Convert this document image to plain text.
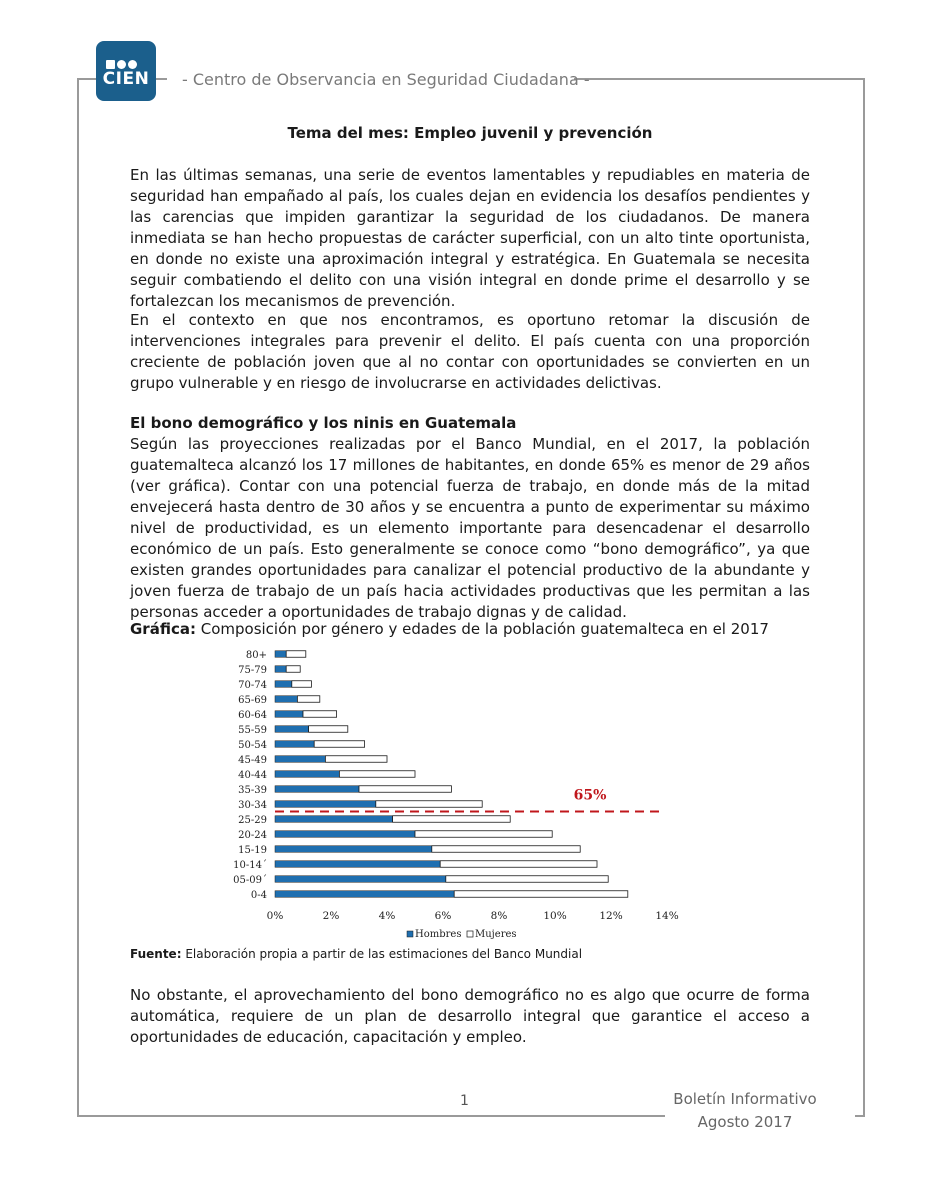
CIEN	- Centro de Observancia en Seguridad Ciudadana -
Tema del mes: Empleo juvenil y prevención

En las últimas semanas, una serie de eventos lamentables y repudiables en materia de seguridad han empañado al país, los cuales dejan en evidencia los desafíos pendientes y las carencias que impiden garantizar la seguridad de los ciudadanos. De manera inmediata se han hecho propuestas de carácter superficial, con un alto tinte oportunista, en donde no existe una aproximación integral y estratégica. En Guatemala se necesita seguir combatiendo el delito con una visión integral en donde prime el desarrollo y se fortalezcan los mecanismos de prevención.

En el contexto en que nos encontramos, es oportuno retomar la discusión de intervenciones integrales para prevenir el delito. El país cuenta con una proporción creciente de población joven que al no contar con oportunidades se convierten en un grupo vulnerable y en riesgo de involucrarse en actividades delictivas.

El bono demográfico y los ninis en Guatemala

Según las proyecciones realizadas por el Banco Mundial, en el 2017, la población guatemalteca alcanzó los 17 millones de habitantes, en donde 65% es menor de 29 años (ver gráfica). Contar con una potencial fuerza de trabajo, en donde más de la mitad envejecerá hasta dentro de 30 años y se encuentra a punto de experimentar su máximo nivel de productividad, es un elemento importante para desencadenar el desarrollo económico de un país. Esto generalmente se conoce como “bono demográfico”, ya que existen grandes oportunidades para canalizar el potencial productivo de la abundante y joven fuerza de trabajo de un país hacia actividades productivas que les permitan a las personas acceder a oportunidades de trabajo dignas y de calidad.

Gráfica: Composición por género y edades de la población guatemalteca en el 2017
80+
75-79
70-74
65-69
60-64
55-59
50-54
45-49
40-44
35-39
30-34
25-29
20-24
15-19
10-14´
05-09´
0-4
65%
0%	2%	4%	6%	8%	10%	12%	14%
Hombres Mujeres
Fuente: Elaboración propia a partir de las estimaciones del Banco Mundial

No obstante, el aprovechamiento del bono demográfico no es algo que ocurre de forma automática, requiere de un plan de desarrollo integral que garantice el acceso a oportunidades de educación, capacitación y empleo.

1	Boletín Informativo
Agosto 2017
